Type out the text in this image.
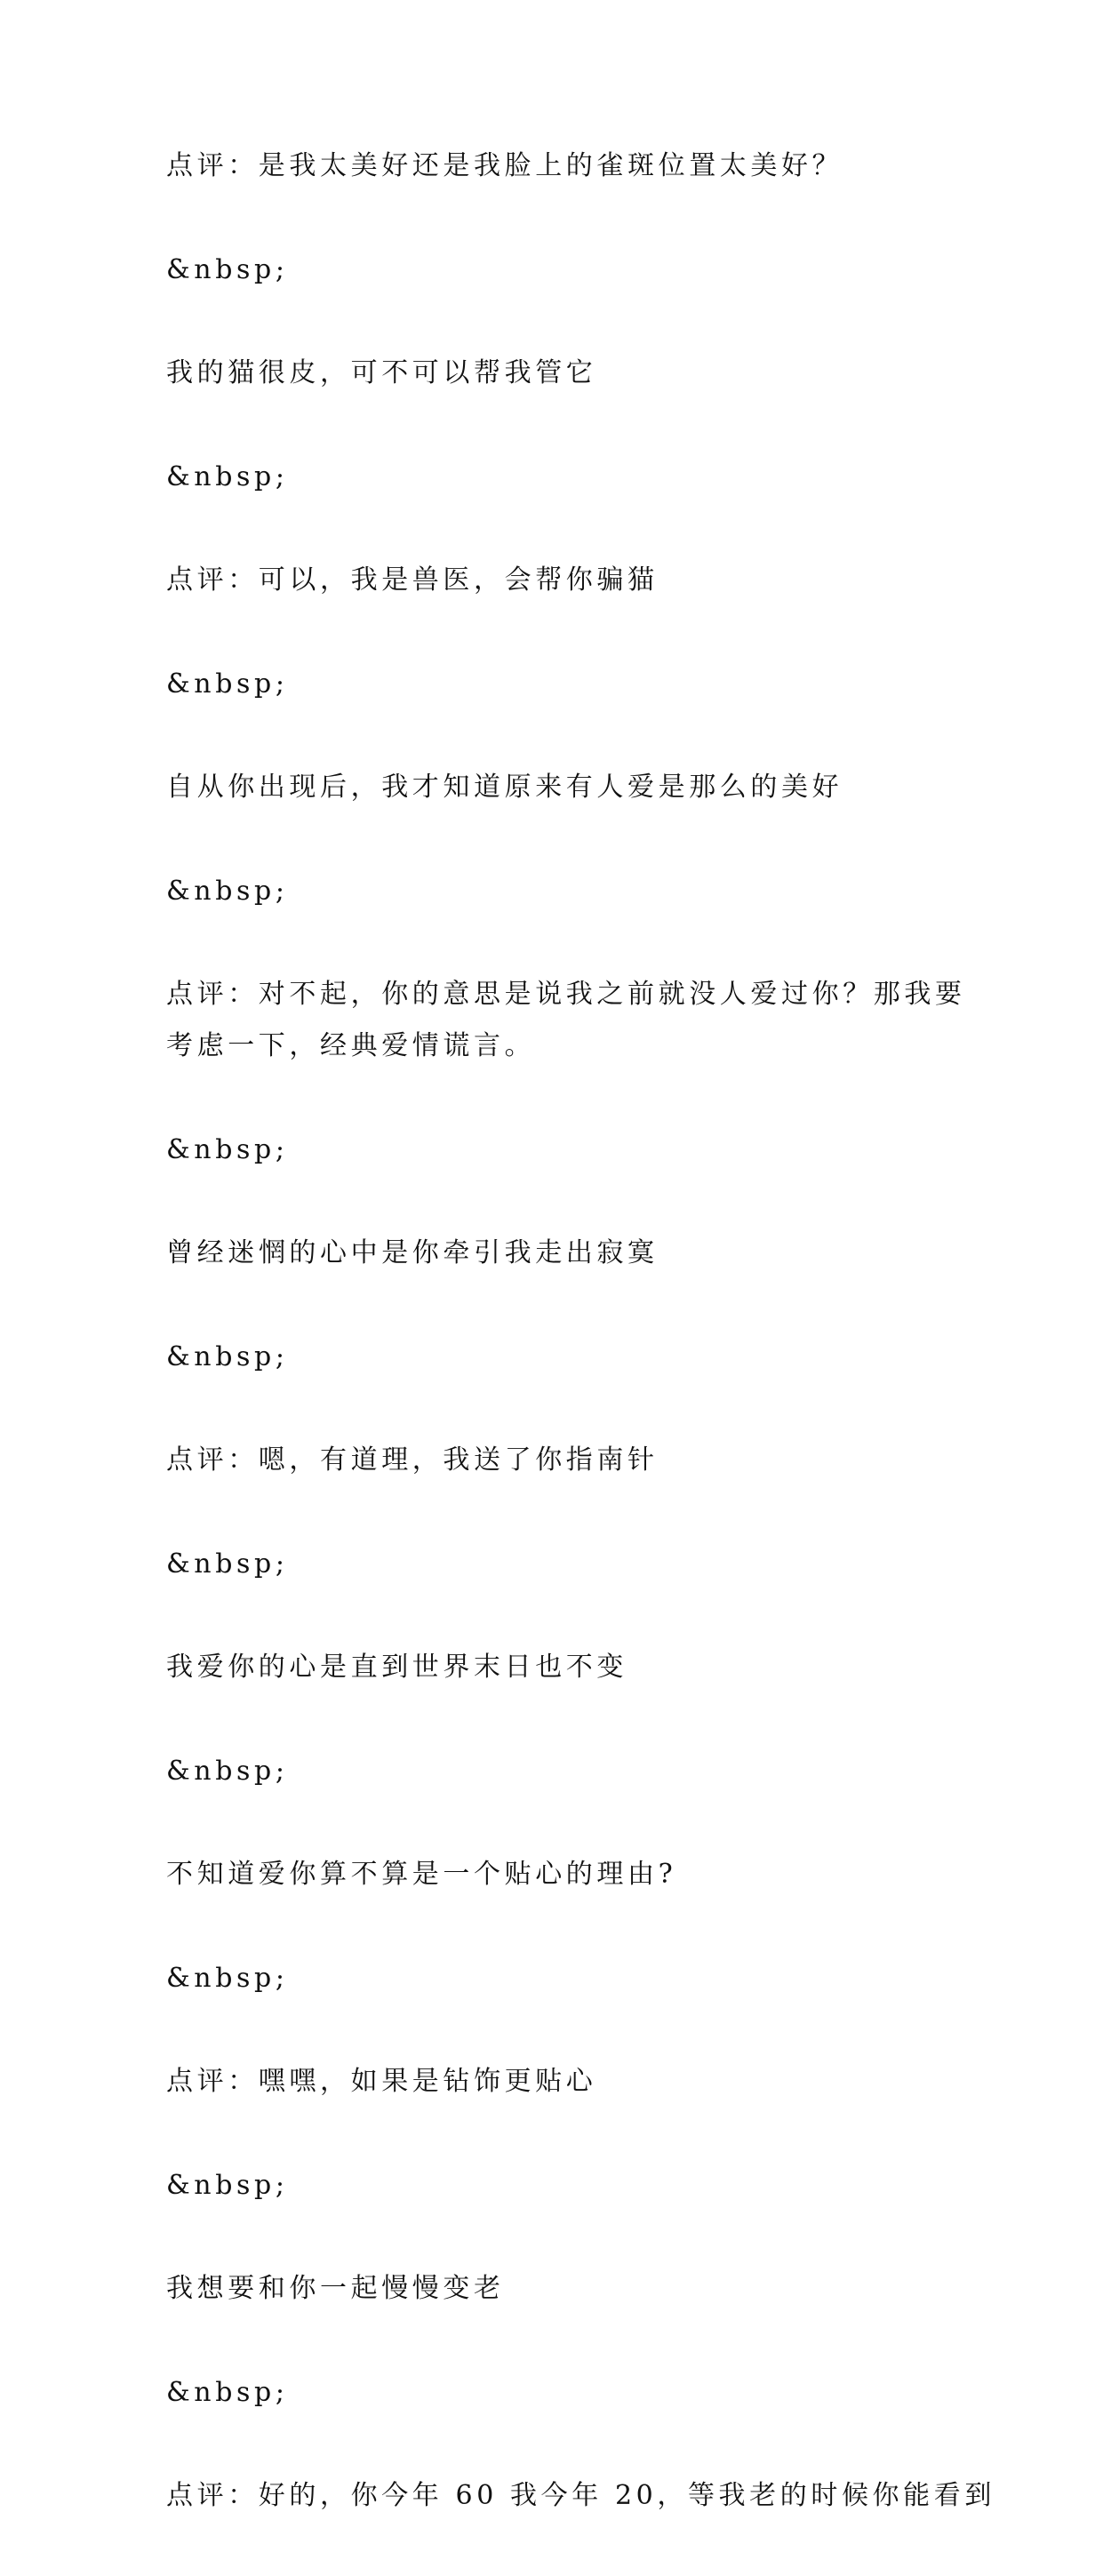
点评：是我太美好还是我脸上的雀斑位置太美好？
&nbsp;
我的猫很皮，可不可以帮我管它
&nbsp;
点评：可以，我是兽医，会帮你骗猫
&nbsp;
自从你出现后，我才知道原来有人爱是那么的美好
&nbsp;
点评：对不起，你的意思是说我之前就没人爱过你？那我要
考虑一下，经典爱情谎言。
&nbsp;
曾经迷惘的心中是你牵引我走出寂寞
&nbsp;
点评：嗯，有道理，我送了你指南针
&nbsp;
我爱你的心是直到世界末日也不变
&nbsp;
不知道爱你算不算是一个贴心的理由?
&nbsp;
点评：嘿嘿，如果是钻饰更贴心
&nbsp;
我想要和你一起慢慢变老
&nbsp;
点评：好的，你今年 60 我今年 20，等我老的时候你能看到
